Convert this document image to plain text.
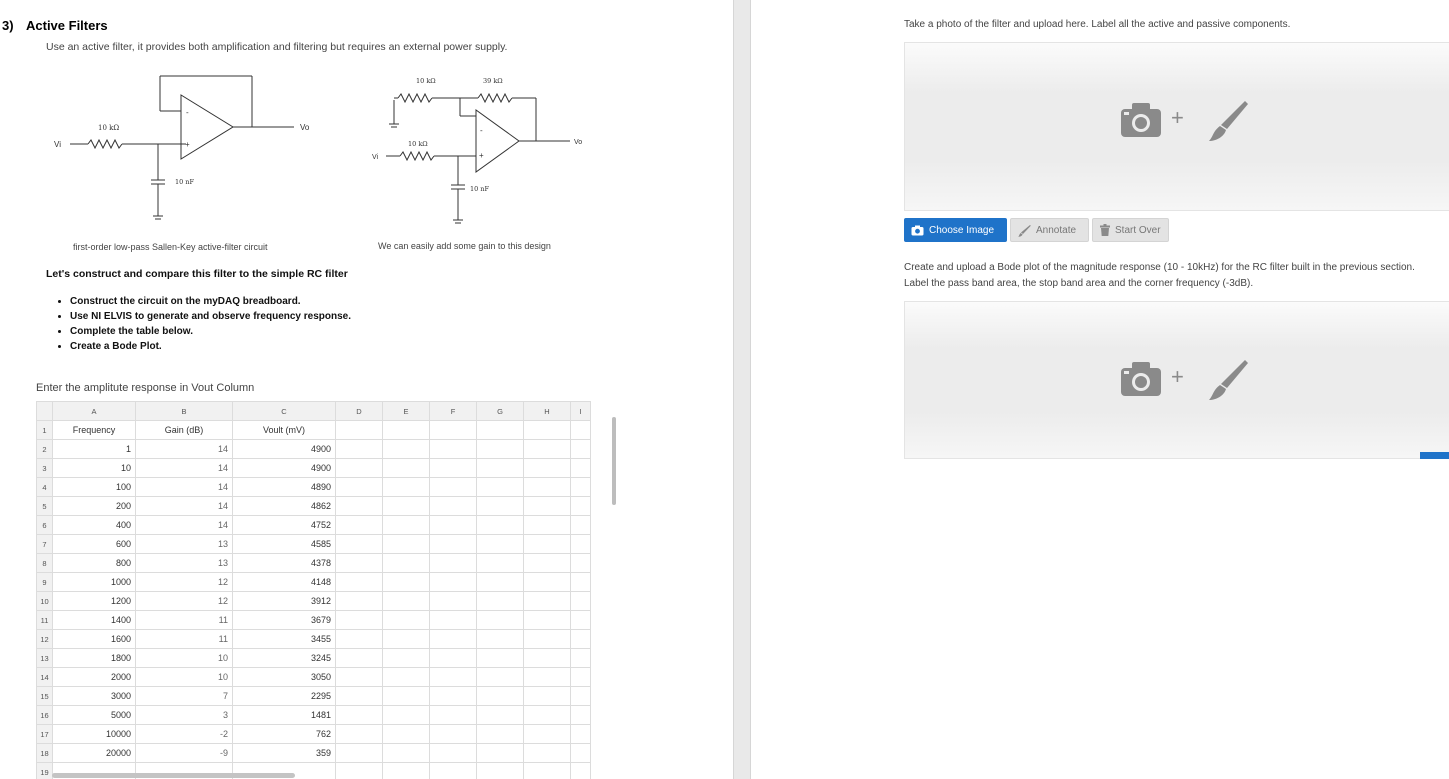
3) Active Filters
Use an active filter, it provides both amplification and filtering but requires an external power supply.
Vi
10 kΩ
10 nF
-
+
Vo
first-order low-pass Sallen-Key active-filter circuit
10 kΩ	39 kΩ
10 kΩ
10 nF
Vi
Vo
-
+
We can easily add some gain to this design
Let's construct and compare this filter to the simple RC filter
• Construct the circuit on the myDAQ breadboard.
• Use NI ELVIS to generate and observe frequency response.
• Complete the table below.
• Create a Bode Plot.
Enter the amplitute response in Vout Column
	A	B	C	D	E	F	G	H	I
1	Frequency	Gain (dB)	Voult (mV)						
2	1	14	4900						
3	10	14	4900						
4	100	14	4890						
5	200	14	4862						
6	400	14	4752						
7	600	13	4585						
8	800	13	4378						
9	1000	12	4148						
10	1200	12	3912						
11	1400	11	3679						
12	1600	11	3455						
13	1800	10	3245						
14	2000	10	3050						
15	3000	7	2295						
16	5000	3	1481						
17	10000	-2	762						
18	20000	-9	359						
19									
Take a photo of the filter and upload here. Label all the active and passive components.
+
Choose Image	Annotate	Start Over
Create and upload a Bode plot of the magnitude response (10 - 10kHz) for the RC filter built in the previous section.
Label the pass band area, the stop band area and the corner frequency (-3dB).
+
